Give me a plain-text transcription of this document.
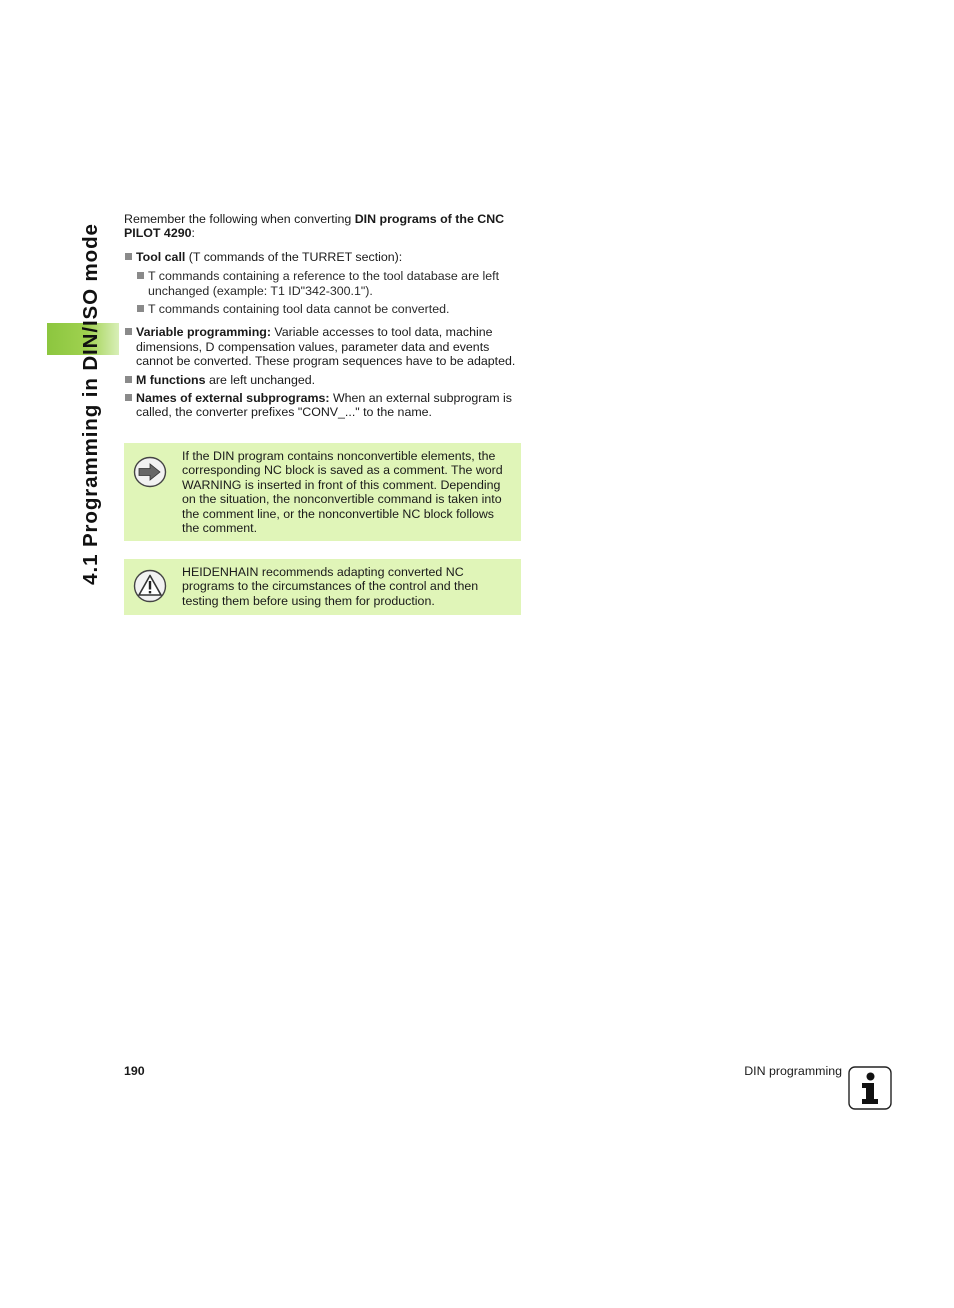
4.1 Programming in DIN/ISO mode

Remember the following when converting DIN programs of the CNC PILOT 4290:

Tool call (T commands of the TURRET section):
T commands containing a reference to the tool database are left unchanged (example: T1 ID"342-300.1").
T commands containing tool data cannot be converted.
Variable programming: Variable accesses to tool data, machine dimensions, D compensation values, parameter data and events cannot be converted. These program sequences have to be adapted.
M functions are left unchanged.
Names of external subprograms: When an external subprogram is called, the converter prefixes "CONV_..." to the name.
If the DIN program contains nonconvertible elements, the corresponding NC block is saved as a comment. The word WARNING is inserted in front of this comment. Depending on the situation, the nonconvertible command is taken into the comment line, or the nonconvertible NC block follows the comment.
HEIDENHAIN recommends adapting converted NC programs to the circumstances of the control and then testing them before using them for production.
190	DIN programming
